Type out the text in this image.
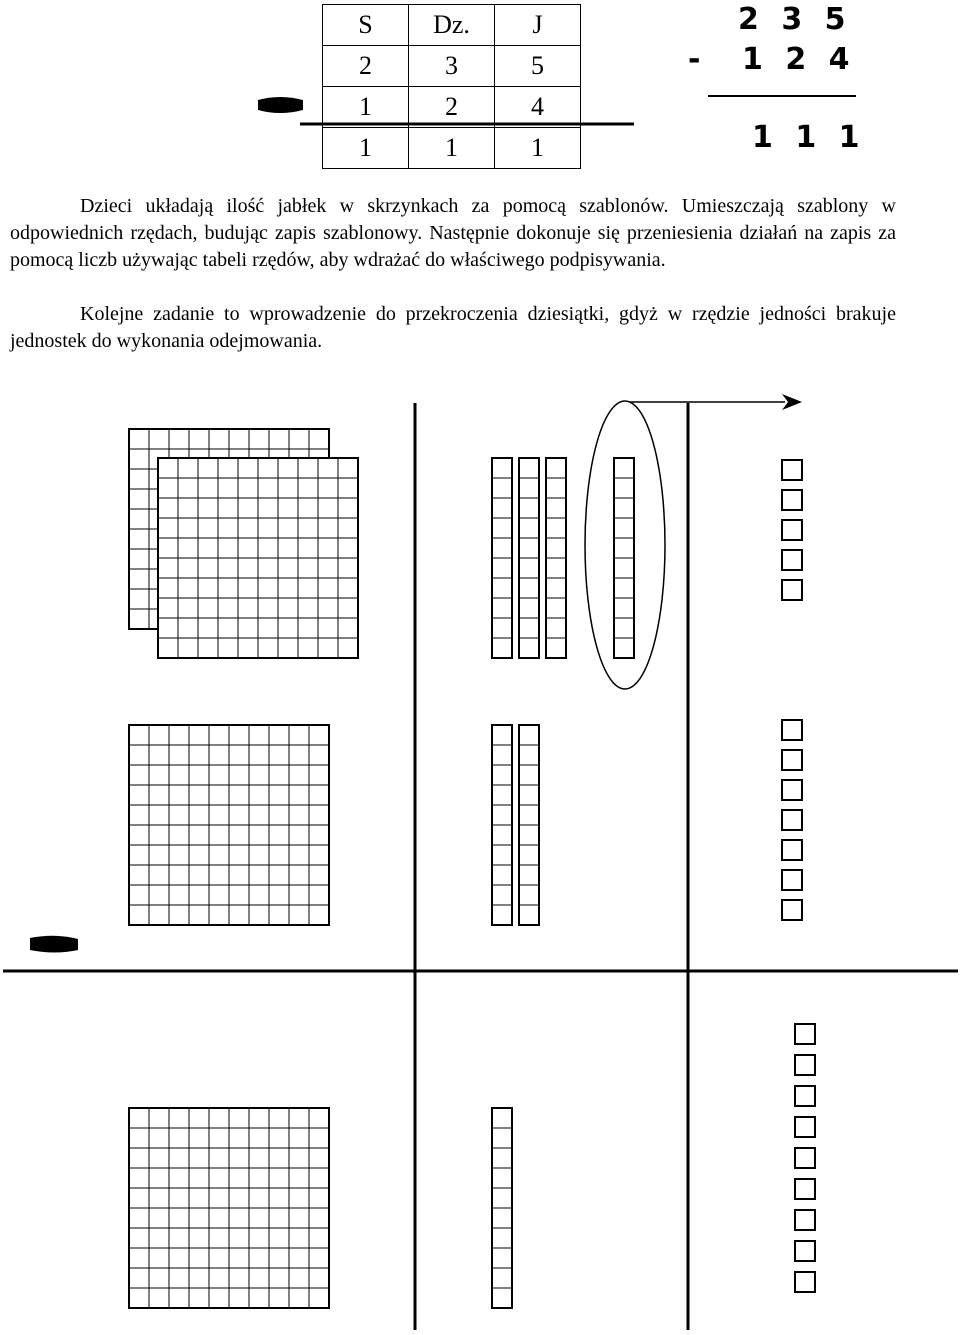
S	Dz.	J
2	3	5
1	2	4
1	1	1
2 3 5
- 1 2 4
1 1 1

Dzieci układają ilość jabłek w skrzynkach za pomocą szablonów. Umieszczają szablony w odpowiednich rzędach, budując zapis szablonowy. Następnie dokonuje się przeniesienia działań na zapis za pomocą liczb używając tabeli rzędów, aby wdrażać do właściwego podpisywania.

Kolejne zadanie to wprowadzenie do przekroczenia dziesiątki, gdyż w rzędzie jedności brakuje jednostek do wykonania odejmowania.
